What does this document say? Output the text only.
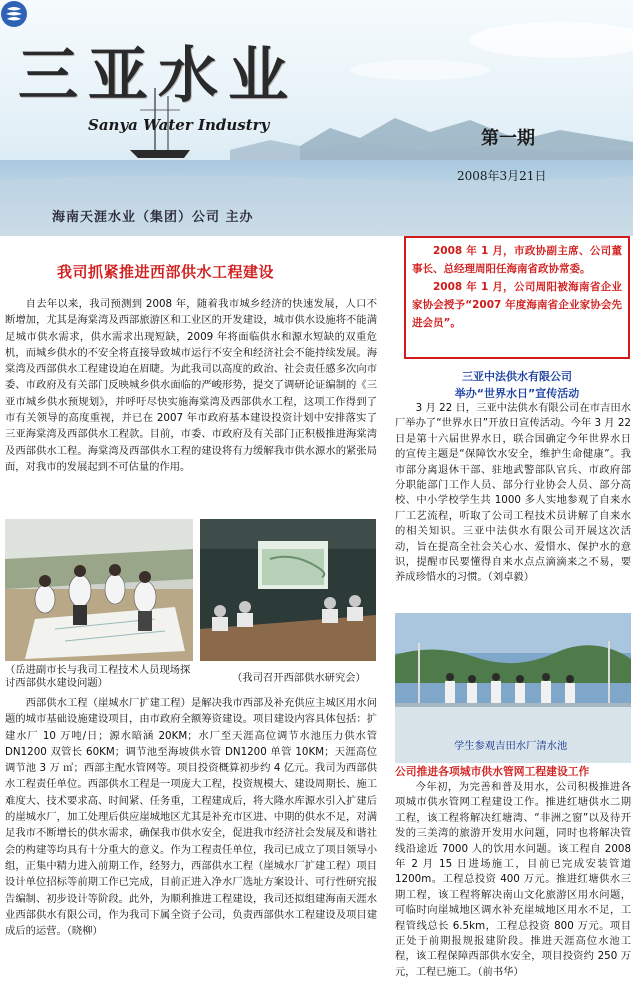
三亚水业
Sanya Water Industry
第一期
2008年3月21日
海南天涯水业（集团）公司 主办
我司抓紧推进西部供水工程建设

自去年以来，我司预测到 2008 年，随着我市城乡经济的快速发展，人口不断增加，尤其是海棠湾及西部旅游区和工业区的开发建设，城市供水设施将不能满足城市供水需求，供水需求出现短缺，2009 年将面临供水和源水短缺的双重危机，而城乡供水的不安全将直接导致城市运行不安全和经济社会不能持续发展。海棠湾及西部供水工程建设迫在眉睫。为此我司以高度的政治、社会责任感多次向市委、市政府及有关部门反映城乡供水面临的严峻形势，提交了调研论证编制的《三亚市城乡供水预规划》，并呼吁尽快实施海棠湾及西部供水工程，这项工作得到了市有关领导的高度重视，并已在 2007 年市政府基本建设投资计划中安排落实了三亚海棠湾及西部供水工程款。目前，市委、市政府及有关部门正积极推进海棠湾及西部供水工程。海棠湾及西部供水工程的建设将有力缓解我市供水源水的紧张局面，对我市的发展起到不可估量的作用。

（岳进副市长与我司工程技术人员现场探讨西部供水建设问题）	（我司召开西部供水研究会）

西部供水工程（崖城水厂扩建工程）是解决我市西部及补充供应主城区用水问题的城市基础设施建设项目，由市政府全额筹资建设。项目建设内容具体包括：扩建水厂 10 万吨/日；源水暗涵 20KM；水厂至天涯高位调节水池压力供水管 DN1200 双管长 60KM；调节池至海坡供水管 DN1200 单管 10KM；天涯高位调节池 3 万 ㎥；西部主配水管网等。项目投资概算初步约 4 亿元。我司为西部供水工程责任单位。西部供水工程是一项庞大工程，投资规模大、建设周期长、施工难度大、技术要求高、时间紧、任务重，工程建成后，将大隆水库源水引入扩建后的崖城水厂，加工处理后供应崖城地区尤其是补充市区进、中期的供水不足，对满足我市不断增长的供水需求，确保我市供水安全，促进我市经济社会发展及和谐社会的构建等均具有十分重大的意义。作为工程责任单位，我司已成立了项目领导小组，正集中精力进入前期工作，经努力，西部供水工程（崖城水厂扩建工程）项目设计单位招标等前期工作已完成，目前正进入净水厂选址方案设计、可行性研究报告编制、初步设计等阶段。此外，为顺利推进工程建设，我司还拟组建海南天涯水业西部供水有限公司，作为我司下属全资子公司，负责西部供水工程建设及项目建成后的运营。（晓柳）

2008 年 1 月，市政协副主席、公司董事长、总经理周阳任海南省政协常委。

2008 年 1 月，公司周阳被海南省企业家协会授予“2007 年度海南省企业家协会先进会员”。

三亚中法供水有限公司
举办“世界水日”宣传活动

3 月 22 日，三亚中法供水有限公司在市吉田水厂举办了“世界水日”开放日宣传活动。今年 3 月 22 日是第十六届世界水日，联合国确定今年世界水日的宣传主题是“保障饮水安全，维护生命健康”。我市部分离退休干部、驻地武警部队官兵、市政府部分职能部门工作人员、部分行业协会人员、部分高校、中小学校学生共 1000 多人实地参观了自来水厂工艺流程，听取了公司工程技术员讲解了自来水的相关知识。三亚中法供水有限公司开展这次活动，旨在提高全社会关心水、爱惜水、保护水的意识，提醒市民要懂得自来水点点滴滴来之不易，要养成珍惜水的习惯。（刘卓毅）

学生参观吉田水厂清水池
公司推进各项城市供水管网工程建设工作

今年初，为完善和普及用水，公司积极推进各项城市供水管网工程建设工作。推进红塘供水二期工程，该工程将解决红塘湾、“非洲之窗”以及待开发的三美湾的旅游开发用水问题，同时也将解决管线沿途近 7000 人的饮用水问题。该工程自 2008 年 2 月 15 日进场施工，目前已完成安装管道 1200m。工程总投资 400 万元。推进红塘供水三期工程，该工程将解决南山文化旅游区用水问题，可临时向崖城地区调水补充崖城地区用水不足，工程管线总长 6.5km，工程总投资 800 万元。项目正处于前期报规报建阶段。推进天涯高位水池工程，该工程保障西部供水安全，项目投资约 250 万元，工程已施工。（前书华）
